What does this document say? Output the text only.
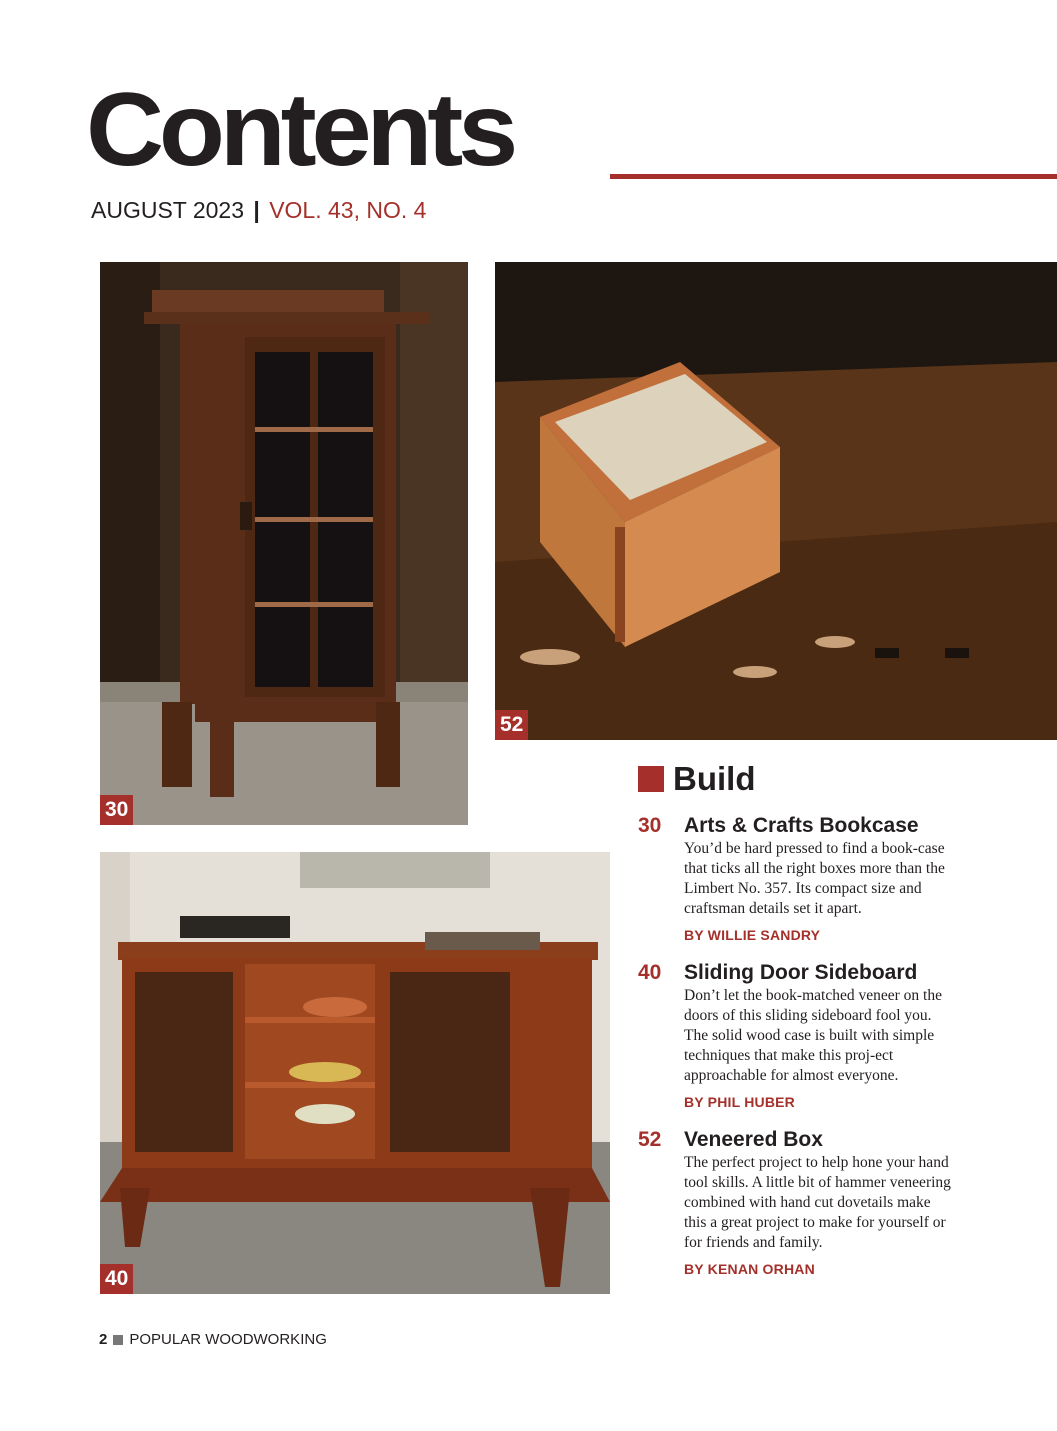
Contents
AUGUST 2023 | VOL. 43, NO. 4
30
52
40
Build
30 Arts & Crafts Bookcase
You’d be hard pressed to find a book-case that ticks all the right boxes more than the Limbert No. 357. Its compact size and craftsman details set it apart.
BY WILLIE SANDRY
40 Sliding Door Sideboard
Don’t let the book-matched veneer on the doors of this sliding sideboard fool you. The solid wood case is built with simple techniques that make this proj-ect approachable for almost everyone.
BY PHIL HUBER
52 Veneered Box
The perfect project to help hone your hand tool skills. A little bit of hammer veneering combined with hand cut dovetails make this a great project to make for yourself or for friends and family.
BY KENAN ORHAN
2 POPULAR WOODWORKING
